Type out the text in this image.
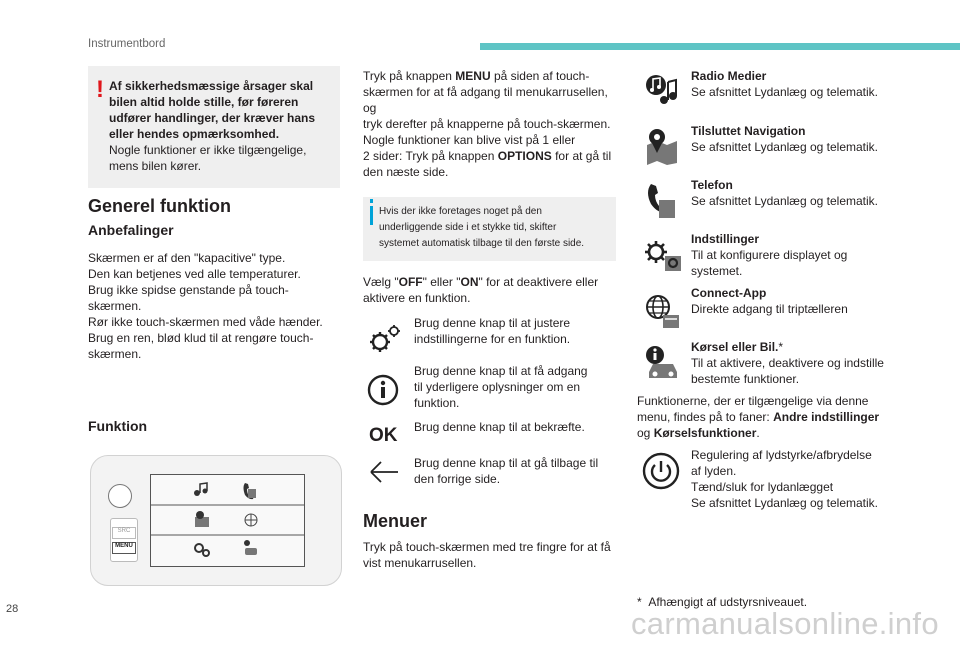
Instrumentbord
28
! Af sikkerhedsmæssige årsager skal
bilen altid holde stille, før føreren
udfører handlinger, der kræver hans
eller hendes opmærksomhed.
Nogle funktioner er ikke tilgængelige,
mens bilen kører.
Generel funktion
Anbefalinger
Skærmen er af den "kapacitive" type.
Den kan betjenes ved alle temperaturer.
Brug ikke spidse genstande på touch-
skærmen.
Rør ikke touch-skærmen med våde hænder.
Brug en ren, blød klud til at rengøre touch-
skærmen.
Funktion
SRC
MENU
Tryk på knappen MENU på siden af touch-
skærmen for at få adgang til menukarrusellen, og
tryk derefter på knapperne på touch-skærmen.
Nogle funktioner kan blive vist på 1 eller
2 sider: Tryk på knappen OPTIONS for at gå til
den næste side.
Hvis der ikke foretages noget på den
underliggende side i et stykke tid, skifter
systemet automatisk tilbage til den første side.
Vælg "OFF" eller "ON" for at deaktivere eller
aktivere en funktion.
Brug denne knap til at justere
indstillingerne for en funktion.
Brug denne knap til at få adgang
til yderligere oplysninger om en
funktion.
OK Brug denne knap til at bekræfte.
Brug denne knap til at gå tilbage til
den forrige side.
Menuer
Tryk på touch-skærmen med tre fingre for at få
vist menukarrusellen.
Radio Medier
Se afsnittet Lydanlæg og telematik.
Tilsluttet Navigation
Se afsnittet Lydanlæg og telematik.
Telefon
Se afsnittet Lydanlæg og telematik.
Indstillinger
Til at konfigurere displayet og
systemet.
Connect-App
Direkte adgang til triptælleren
Kørsel eller Bil.*
Til at aktivere, deaktivere og indstille
bestemte funktioner.
Funktionerne, der er tilgængelige via denne
menu, findes på to faner: Andre indstillinger
og Kørselsfunktioner.
Regulering af lydstyrke/afbrydelse
af lyden.
Tænd/sluk for lydanlægget
Se afsnittet Lydanlæg og telematik.
* Afhængigt af udstyrsniveauet.
carmanualsonline.info
